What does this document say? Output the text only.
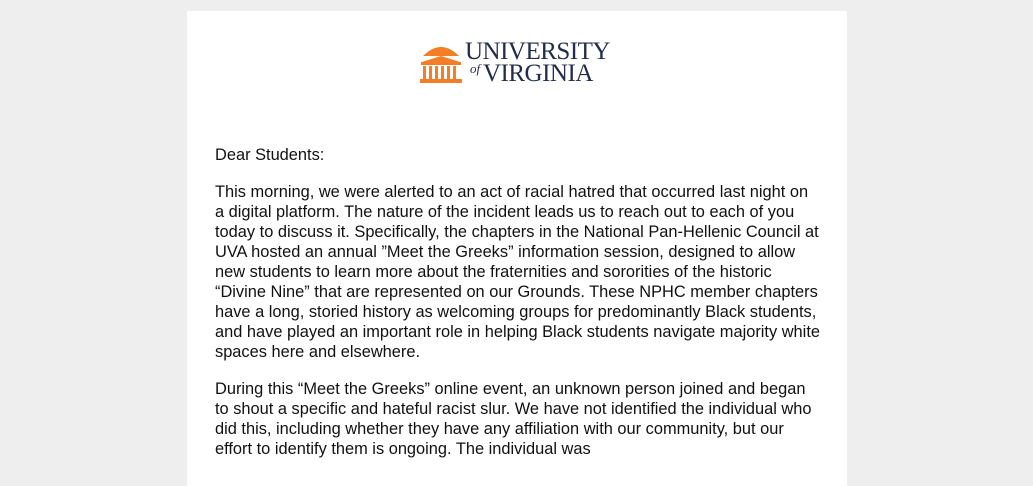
UNIVERSITY
of VIRGINIA

Dear Students:

This morning, we were alerted to an act of racial hatred that occurred last night on a digital platform. The nature of the incident leads us to reach out to each of you today to discuss it. Specifically, the chapters in the National Pan-Hellenic Council at UVA hosted an annual ”Meet the Greeks” information session, designed to allow new students to learn more about the fraternities and sororities of the historic “Divine Nine” that are represented on our Grounds. These NPHC member chapters have a long, storied history as welcoming groups for predominantly Black students, and have played an important role in helping Black students navigate majority white spaces here and elsewhere.

During this “Meet the Greeks” online event, an unknown person joined and began to shout a specific and hateful racist slur. We have not identified the individual who did this, including whether they have any affiliation with our community, but our effort to identify them is ongoing. The individual was
